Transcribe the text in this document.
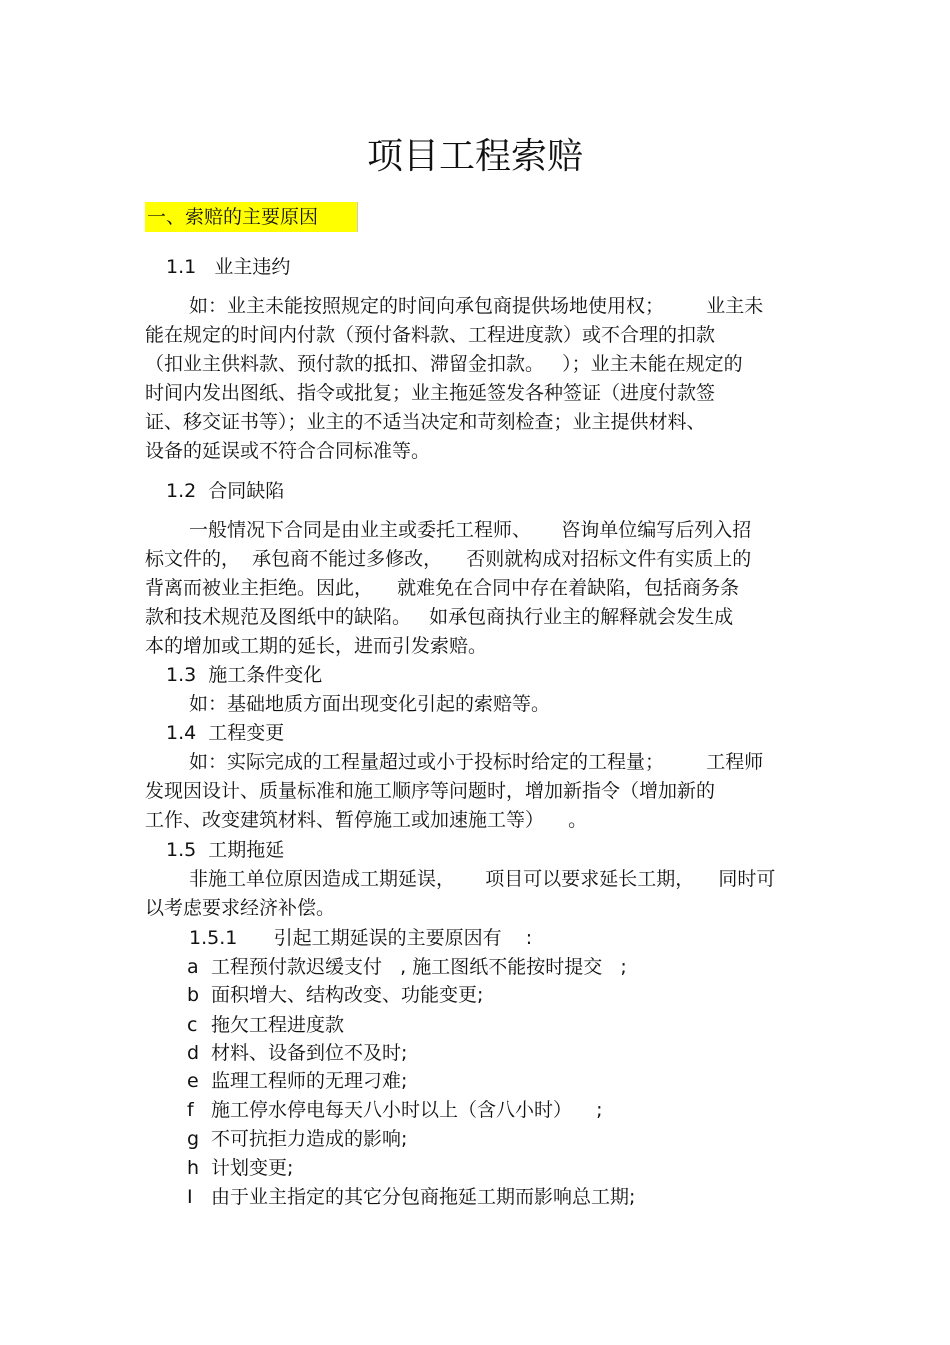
项目工程索赔
一、索赔的主要原因
1.1   业主违约
如：业主未能按照规定的时间向承包商提供场地使用权；       业主未
能在规定的时间内付款（预付备料款、工程进度款）或不合理的扣款
（扣业主供料款、预付款的抵扣、滞留金扣款。   ）；业主未能在规定的
时间内发出图纸、指令或批复；业主拖延签发各种签证（进度付款签
证、移交证书等）；业主的不适当决定和苛刻检查；业主提供材料、
设备的延误或不符合合同标准等。
1.2  合同缺陷
一般情况下合同是由业主或委托工程师、     咨询单位编写后列入招
标文件的，  承包商不能过多修改，    否则就构成对招标文件有实质上的
背离而被业主拒绝。因此，    就难免在合同中存在着缺陷，包括商务条
款和技术规范及图纸中的缺陷。   如承包商执行业主的解释就会发生成
本的增加或工期的延长，进而引发索赔。
1.3  施工条件变化
如：基础地质方面出现变化引起的索赔等。
1.4  工程变更
如：实际完成的工程量超过或小于投标时给定的工程量；       工程师
发现因设计、质量标准和施工顺序等问题时，增加新指令（增加新的
工作、改变建筑材料、暂停施工或加速施工等）    。
1.5  工期拖延
非施工单位原因造成工期延误，     项目可以要求延长工期，    同时可
以考虑要求经济补偿。
1.5.1      引起工期延误的主要原因有    :
a 工程预付款迟缓支付   , 施工图纸不能按时提交   ;
b 面积增大、结构改变、功能变更;
c 拖欠工程进度款
d 材料、设备到位不及时;
e 监理工程师的无理刁难;
f 施工停水停电每天八小时以上（含八小时）    ;
g 不可抗拒力造成的影响;
h 计划变更;
I 由于业主指定的其它分包商拖延工期而影响总工期;
